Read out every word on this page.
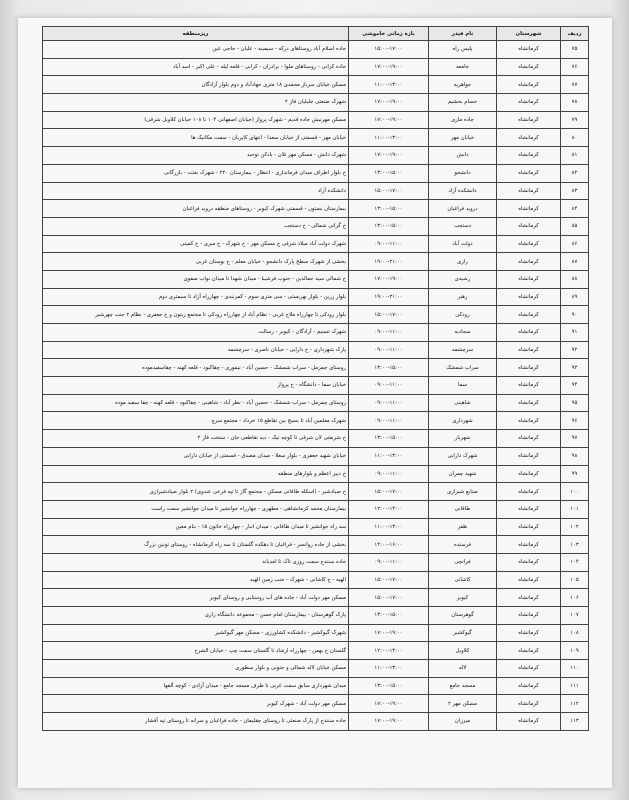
ردیف	شهرستان	نام فیدر	بازه زمانی خاموشی	ریزمنطقه
۷۵	کرمانشاه	پلیس راه	۱۵:۰۰-۱۷:۰۰	جاده اسلام آباد روستاهای درکه - سیمینه - علیان - حاجی عین
۷۶	کرمانشاه	جامعه	۱۷:۰۰-۱۹:۰۰	جاده کرانی - روستاهای ملوا - برادران - کرانی - قلعه لیله - علی اکبر - اسد آباد
۷۷	کرمانشاه	جواهریه	۱۱:۰۰-۱۳:۰۰	مسکن خیابان سرباز محمدی ۱۸ متری جهادآباد و دوم بلوار آزادگان
۷۸	کرمانشاه	حسام بخشیم	۱۷:۰۰-۱۹:۰۰	شهرک صنعتی جلیلیان فاز ۲
۷۹	کرمانشاه	جاده مازی	۱۷:۰۰-۱۹:۰۰	مسکن مهرنیش جاده قدیم - شهرک پرواز (خیابان اصفهانی ۱۰۴ تا ۱۰۸ خیابان کلاویل شرقی)
۸۰	کرمانشاه	خیابان مهر	۱۱:۰۰-۱۳:۰۰	خیابان مهر - قسمتی از خیابان سعدا - انتهای کاپریان - سمت مکانیک ها
۸۱	کرمانشاه	دانش	۱۷:۰۰-۱۹:۰۰	شهرک دانش - مسکن مهر تلان - بادکن توحید
۸۲	کرمانشاه	دانشجو	۱۳:۰۰-۱۵:۰۰	خ بلوار اطراف میدان فرمانداری - انتظار - بیمارستان ۲۲۰ - شهرک بعثت - بازرگانی
۸۳	کرمانشاه	دانشکده آزاد	۱۵:۰۰-۱۷:۰۰	دانشکده آزاد
۸۴	کرمانشاه	دروید فراغیان	۱۳:۰۰-۱۵:۰۰	بیمارستان بستون - قسمتی شهرک کیوبر - روستاهای منطقه دروید فراغیان
۸۵	کرمانشاه	دستجب	۱۳:۰۰-۱۵:۰۰	خ گرانی شمالی - خ دستجب
۸۶	کرمانشاه	دولت آباد	۰۹:۰۰-۱۱:۰۰	شهرک دولت آباد میلاد شرقی خ مسکن مهر - خ شهرک - خ مبری - خ کمیتی
۸۷	کرمانشاه	رازی	۱۹:۰۰-۲۱:۰۰	بخشی از شهرک سطح پارک دانشجو - خیابان معلم - خ بوستان غربی
۸۸	کرمانشاه	رشیدی	۱۷:۰۰-۱۹:۰۰	خ شمالی سید جمالدین - جنوب فرشیبا - میدان شهدا تا میدان نواب صفوی
۸۹	کرمانشاه	رهبر	۱۹:۰۰-۲۱:۰۰	بلوار زرین - بلوار بهزیستی - سی متری سوم - کمربندی - چهارراه آزاد تا سیمتری دوم
۹۰	کرمانشاه	رودکی	۱۵:۰۰-۱۷:۰۰	بلوار رودکی تا چهارراه ملاح غربی - نظام آباد از چهارراه رودکی تا مجتمع زیتون و خ جعفری - نظام ۲ جنب چهرشیر
۹۱	کرمانشاه	سجادیه	۰۹:۰۰-۱۱:۰۰	شهرک تسنیم - آزادگان - کیوبر - رسالت
۹۲	کرمانشاه	سرچشمه	۰۹:۰۰-۱۱:۰۰	پارک شهرداری - خ دارایی - خیابان ناصری - سرچشمه
۹۳	کرمانشاه	سراب شمشک	۱۳:۰۰-۱۵:۰۰	روستای چمزمل - سراب شمشک - حسین آباد - تیموری - چقاکبود - قلعه کهنه - چقاسفیدموده
۹۴	کرمانشاه	سما	۰۹:۰۰-۱۱:۰۰	خیابان سما - دانشگاه - خ پرواز
۹۵	کرمانشاه	شاهینی	۰۹:۰۰-۱۱:۰۰	روستای چمزمل - سراب شمشک - حسین آباد - نظر آباد - شاهینی - چقاکبود - قلعه کهنه - چقا سفید موده
۹۶	کرمانشاه	شهرداری	۰۹:۰۰-۱۱:۰۰	شهرک معلمین آباد تا بسیج بین تقاطع ۱۵ خرداد - مجتمع سرچ
۹۷	کرمانشاه	شهریار	۱۳:۰۰-۱۵:۰۰	خ شریعتی لان شرقی تا کوچه نیک - دیه تقاطعی جان - ستخت فاز ۲
۹۸	کرمانشاه	شهرک دارایی	۱۱:۰۰-۱۳:۰۰	خیابان شهید جعفری - بلوار سعلا - میدان مصدق - قسمتی از خیابان دارایی
۹۹	کرمانشاه	شهید چمران	۰۹:۰۰-۱۱:۰۰	خ دبیر اعظم و بلوارهای منطقه
۱۰۰	کرمانشاه	صنایع شیرازی	۱۵:۰۰-۱۷:۰۰	خ صیادشیر - (اسکله طاقانی مسکن - مجتمع گاز تا تپه فرعی عندوی) ۲ بلوار صیادشیرازی
۱۰۱	کرمانشاه	طاقانی	۱۲:۰۰-۱۴:۰۰	بیمارستان محمد کرمانشاهی - مطهری - چهارراه جوانشیر تا میدان جوانشیر سمت راست
۱۰۲	کرمانشاه	ظفر	۱۱:۰۰-۱۳:۰۰	سه راه جوانشیر تا میدان طاقانی - میدان انبار - چهارراه خاتون ۱۵ - بنام معین
۱۰۳	کرمانشاه	فرسنده	۱۴:۰۰-۱۶:۰۰	بخشی از جاده روانسر - فراغیان تا دهکده گلستان تا سه راه کرمانشاه - روستای تونین بزرگ
۱۰۴	کرمانشاه	فرانچی	۰۹:۰۰-۱۱:۰۰	جاده سنندج سمت روزی تاک تا امدیاند
۱۰۵	کرمانشاه	کاشانی	۱۵:۰۰-۱۷:۰۰	الهیه - خ کاشانی - شهرک - جنب زمین الهیه
۱۰۶	کرمانشاه	کیوبر	۱۵:۰۰-۱۷:۰۰	مسکن مهر دولت آباد - جاده های آب روستایی و روستای کیوبر
۱۰۷	کرمانشاه	گوهرستان	۱۳:۰۰-۱۵:۰۰	پارک گوهرستان - بیمارستان امام حسن - مجموعه دانشگاه رازی
۱۰۸	کرمانشاه	گیوکشیر	۱۷:۰۰-۱۹:۰۰	شهرک گیوکشیر - دانشکده کشاورزی - مسکن مهر گیوکشیر
۱۰۹	کرمانشاه	کلاویل	۱۲:۰۰-۱۴:۰۰	گلستان خ بهمن - چهارراه ارشاد تا گلستان سمت چپ - خیابان الشرخ
۱۱۰	کرمانشاه	لاله	۱۱:۰۰-۱۳:۰۰	مسکن خیابان لاله شمالی و جنوبی و بلوار سطوری
۱۱۱	کرمانشاه	مسجد جامع	۱۳:۰۰-۱۵:۰۰	میدان شهرداری سابق سمت غربی تا طرف مسجد جامع - میدان آزادی - کوچه آلفها
۱۱۲	کرمانشاه	مسکن مهر ۲	۱۷:۰۰-۱۹:۰۰	مسکن مهر دولت آباد - شهرک کیوبر
۱۱۳	کرمانشاه	میرزان	۱۷:۰۰-۱۹:۰۰	جاده سنندج از پارک صنعتی تا روستای چقلیمان - جاده فراغیان و سرانه تا روستای تپه آقشار
